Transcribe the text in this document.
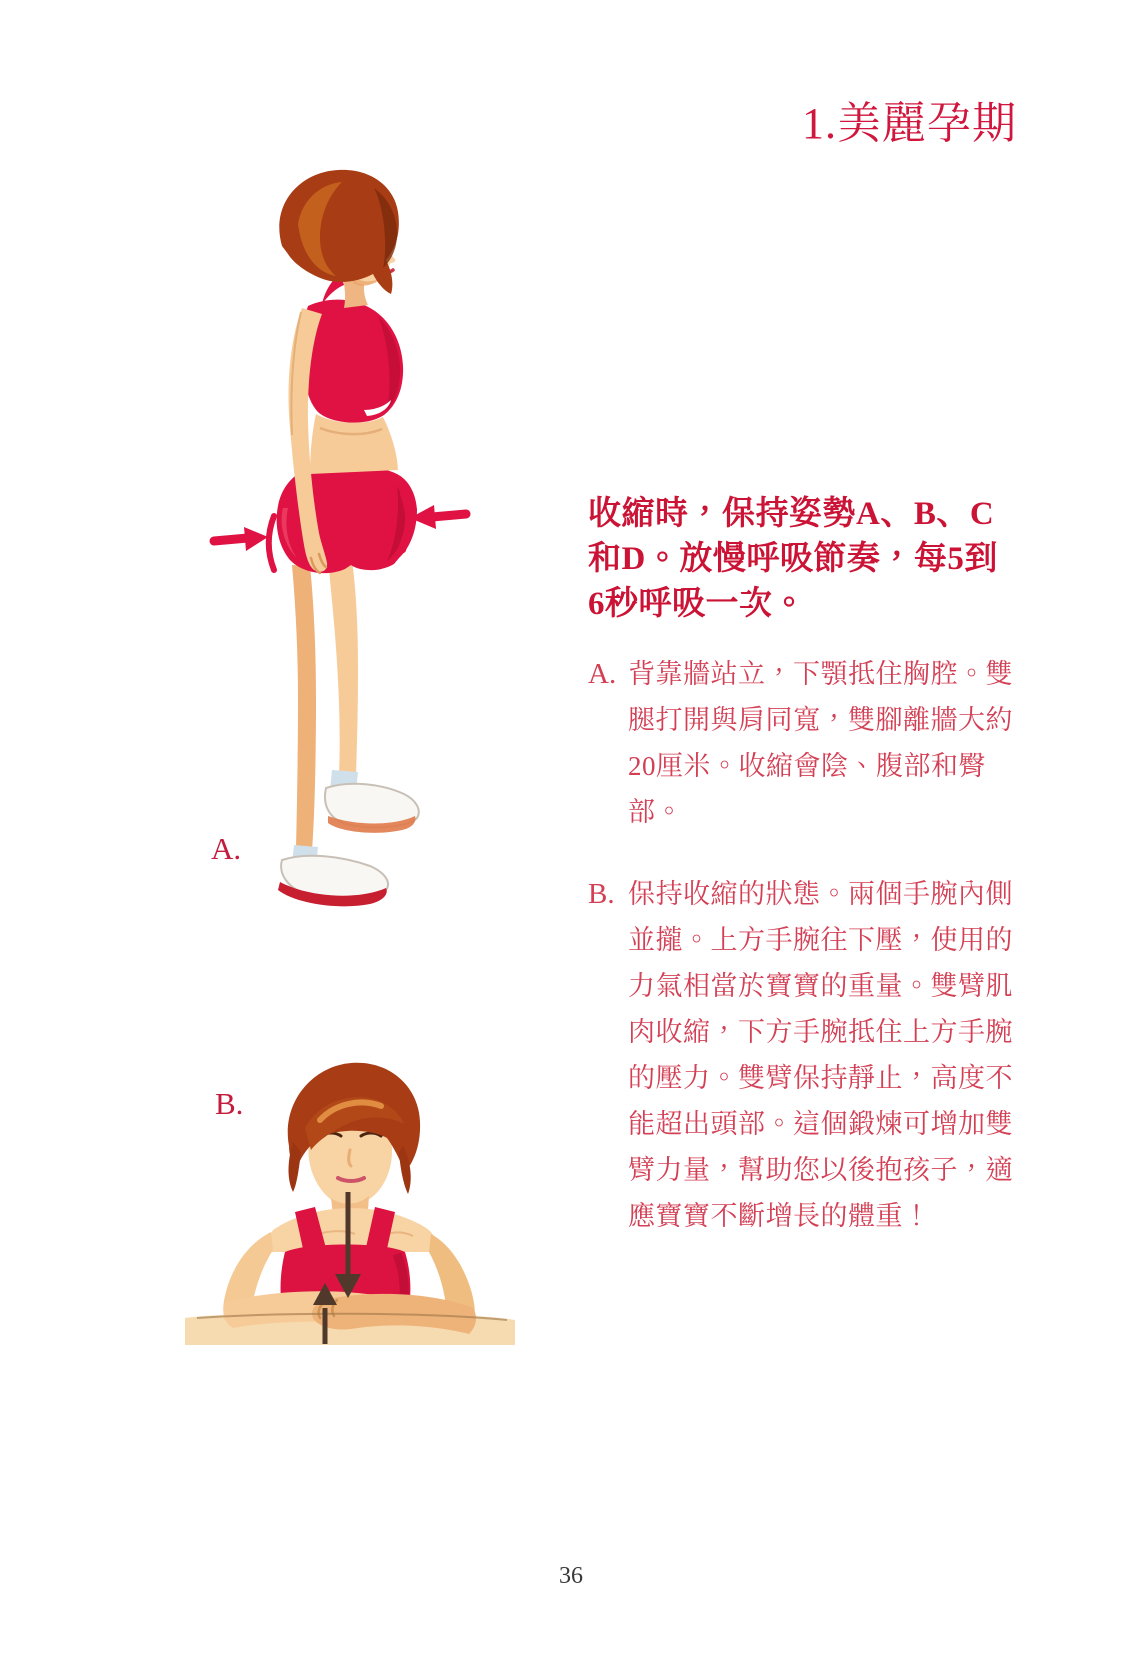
1.美麗孕期
A.
B.

收縮時，保持姿勢A、B、C和D。放慢呼吸節奏，每5到6秒呼吸一次。

A. 背靠牆站立，下顎抵住胸腔。雙腿打開與肩同寬，雙腳離牆大約20厘米。收縮會陰、腹部和臀部。
B. 保持收縮的狀態。兩個手腕內側並攏。上方手腕往下壓，使用的力氣相當於寶寶的重量。雙臂肌肉收縮，下方手腕抵住上方手腕的壓力。雙臂保持靜止，高度不能超出頭部。這個鍛煉可增加雙臂力量，幫助您以後抱孩子，適應寶寶不斷增長的體重！
36
